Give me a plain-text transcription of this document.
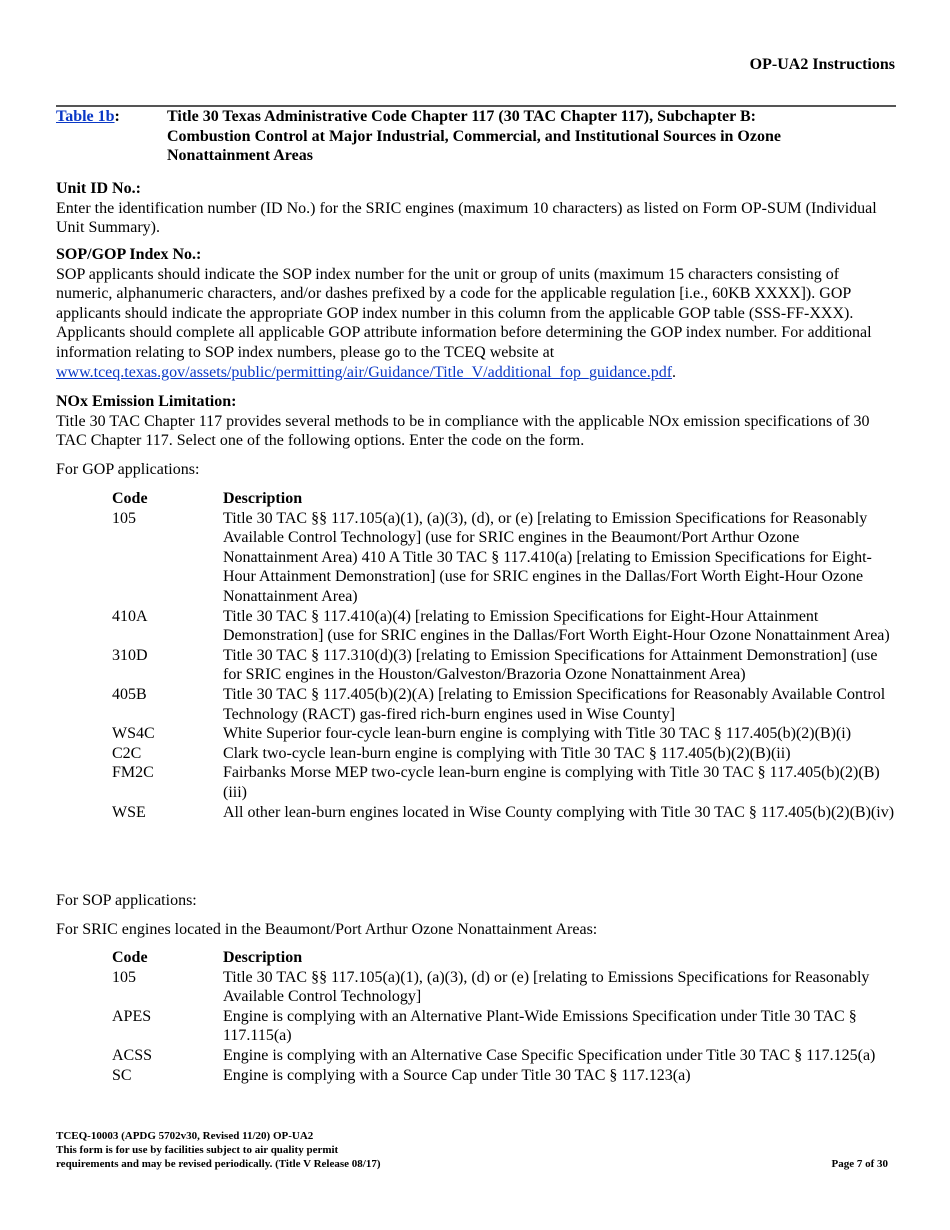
OP-UA2 Instructions
Table 1b:	Title 30 Texas Administrative Code Chapter 117 (30 TAC Chapter 117), Subchapter B: Combustion Control at Major Industrial, Commercial, and Institutional Sources in Ozone Nonattainment Areas
Unit ID No.:
Enter the identification number (ID No.) for the SRIC engines (maximum 10 characters) as listed on Form OP-SUM (Individual Unit Summary).
SOP/GOP Index No.:
SOP applicants should indicate the SOP index number for the unit or group of units (maximum 15 characters consisting of numeric, alphanumeric characters, and/or dashes prefixed by a code for the applicable regulation [i.e., 60KB XXXX]). GOP applicants should indicate the appropriate GOP index number in this column from the applicable GOP table (SSS-FF-XXX). Applicants should complete all applicable GOP attribute information before determining the GOP index number. For additional information relating to SOP index numbers, please go to the TCEQ website at www.tceq.texas.gov/assets/public/permitting/air/Guidance/Title_V/additional_fop_guidance.pdf.
NOx Emission Limitation:
Title 30 TAC Chapter 117 provides several methods to be in compliance with the applicable NOx emission specifications of 30 TAC Chapter 117. Select one of the following options. Enter the code on the form.
For GOP applications:
Code	Description
105	Title 30 TAC §§ 117.105(a)(1), (a)(3), (d), or (e) [relating to Emission Specifications for Reasonably Available Control Technology] (use for SRIC engines in the Beaumont/Port Arthur Ozone Nonattainment Area) 410 A Title 30 TAC § 117.410(a) [relating to Emission Specifications for Eight-Hour Attainment Demonstration] (use for SRIC engines in the Dallas/Fort Worth Eight-Hour Ozone Nonattainment Area)
410A	Title 30 TAC § 117.410(a)(4) [relating to Emission Specifications for Eight-Hour Attainment Demonstration] (use for SRIC engines in the Dallas/Fort Worth Eight-Hour Ozone Nonattainment Area)
310D	Title 30 TAC § 117.310(d)(3) [relating to Emission Specifications for Attainment Demonstration] (use for SRIC engines in the Houston/Galveston/Brazoria Ozone Nonattainment Area)
405B	Title 30 TAC § 117.405(b)(2)(A) [relating to Emission Specifications for Reasonably Available Control Technology (RACT) gas-fired rich-burn engines used in Wise County]
WS4C	White Superior four-cycle lean-burn engine is complying with Title 30 TAC § 117.405(b)(2)(B)(i)
C2C	Clark two-cycle lean-burn engine is complying with Title 30 TAC § 117.405(b)(2)(B)(ii)
FM2C	Fairbanks Morse MEP two-cycle lean-burn engine is complying with Title 30 TAC § 117.405(b)(2)(B)(iii)
WSE	All other lean-burn engines located in Wise County complying with Title 30 TAC § 117.405(b)(2)(B)(iv)
For SOP applications:
For SRIC engines located in the Beaumont/Port Arthur Ozone Nonattainment Areas:
Code	Description
105	Title 30 TAC §§ 117.105(a)(1), (a)(3), (d) or (e) [relating to Emissions Specifications for Reasonably Available Control Technology]
APES	Engine is complying with an Alternative Plant-Wide Emissions Specification under Title 30 TAC § 117.115(a)
ACSS	Engine is complying with an Alternative Case Specific Specification under Title 30 TAC § 117.125(a)
SC	Engine is complying with a Source Cap under Title 30 TAC § 117.123(a)
TCEQ-10003 (APDG 5702v30, Revised 11/20) OP-UA2
This form is for use by facilities subject to air quality permit
requirements and may be revised periodically. (Title V Release 08/17)	Page 7 of 30
